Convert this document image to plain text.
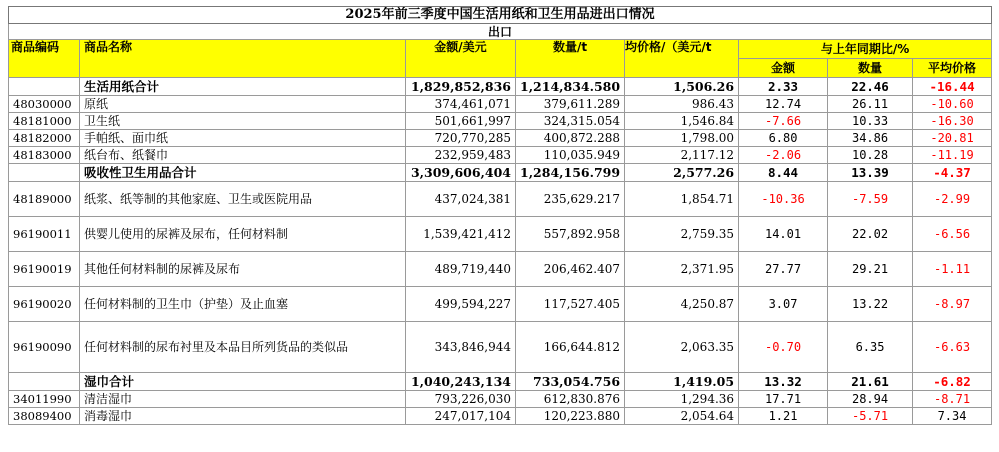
2025年前三季度中国生活用纸和卫生用品进出口情况							
出口							
商品编码	商品名称	金额/美元	数量/t	均价格/（美元/t	与上年同期比/%		
					金额	数量	平均价格
	生活用纸合计	1,829,852,836	1,214,834.580	1,506.26	2.33	22.46	-16.44
48030000	原纸	374,461,071	379,611.289	986.43	12.74	26.11	-10.60
48181000	卫生纸	501,661,997	324,315.054	1,546.84	-7.66	10.33	-16.30
48182000	手帕纸、面巾纸	720,770,285	400,872.288	1,798.00	6.80	34.86	-20.81
48183000	纸台布、纸餐巾	232,959,483	110,035.949	2,117.12	-2.06	10.28	-11.19
	吸收性卫生用品合计	3,309,606,404	1,284,156.799	2,577.26	8.44	13.39	-4.37
48189000	纸浆、纸等制的其他家庭、卫生或医院用品	437,024,381	235,629.217	1,854.71	-10.36	-7.59	-2.99
96190011	供婴儿使用的尿裤及尿布，任何材料制	1,539,421,412	557,892.958	2,759.35	14.01	22.02	-6.56
96190019	其他任何材料制的尿裤及尿布	489,719,440	206,462.407	2,371.95	27.77	29.21	-1.11
96190020	任何材料制的卫生巾（护垫）及止血塞	499,594,227	117,527.405	4,250.87	3.07	13.22	-8.97
96190090	任何材料制的尿布衬里及本品目所列货品的类似品	343,846,944	166,644.812	2,063.35	-0.70	6.35	-6.63
	湿巾合计	1,040,243,134	733,054.756	1,419.05	13.32	21.61	-6.82
34011990	清洁湿巾	793,226,030	612,830.876	1,294.36	17.71	28.94	-8.71
38089400	消毒湿巾	247,017,104	120,223.880	2,054.64	1.21	-5.71	7.34
